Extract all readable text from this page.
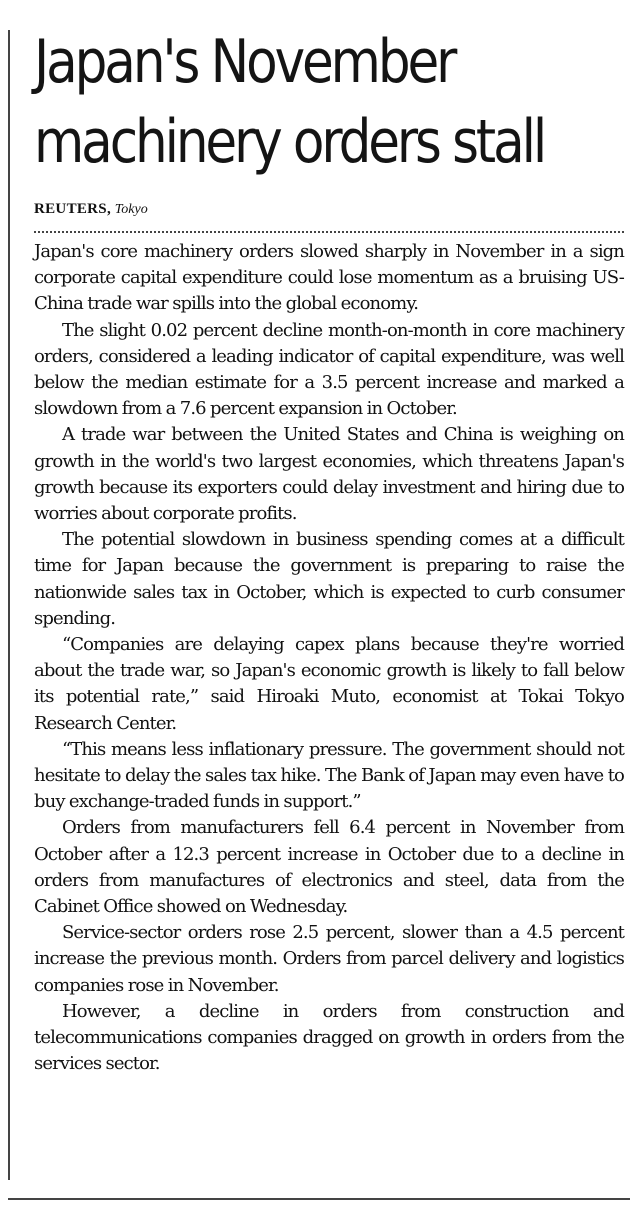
Japan's November
machinery orders stall
REUTERS, Tokyo

Japan's core machinery orders slowed sharply in November in a sign corporate capital expenditure could lose momentum as a bruising US-China trade war spills into the global economy.

The slight 0.02 percent decline month-on-month in core machinery orders, considered a leading indicator of capital expenditure, was well below the median estimate for a 3.5 percent increase and marked a slowdown from a 7.6 percent expansion in October.

A trade war between the United States and China is weighing on growth in the world's two largest economies, which threatens Japan's growth because its exporters could delay investment and hiring due to worries about corporate profits.

The potential slowdown in business spending comes at a difficult time for Japan because the government is preparing to raise the nationwide sales tax in October, which is expected to curb consumer spending.

“Companies are delaying capex plans because they're worried about the trade war, so Japan's economic growth is likely to fall below its potential rate,” said Hiroaki Muto, economist at Tokai Tokyo Research Center.

“This means less inflationary pressure. The government should not hesitate to delay the sales tax hike. The Bank of Japan may even have to buy exchange-traded funds in support.”

Orders from manufacturers fell 6.4 percent in November from October after a 12.3 percent increase in October due to a decline in orders from manufactures of electronics and steel, data from the Cabinet Office showed on Wednesday.

Service-sector orders rose 2.5 percent, slower than a 4.5 percent increase the previous month. Orders from parcel delivery and logistics companies rose in November.

However, a decline in orders from construction and telecommunications companies dragged on growth in orders from the services sector.
